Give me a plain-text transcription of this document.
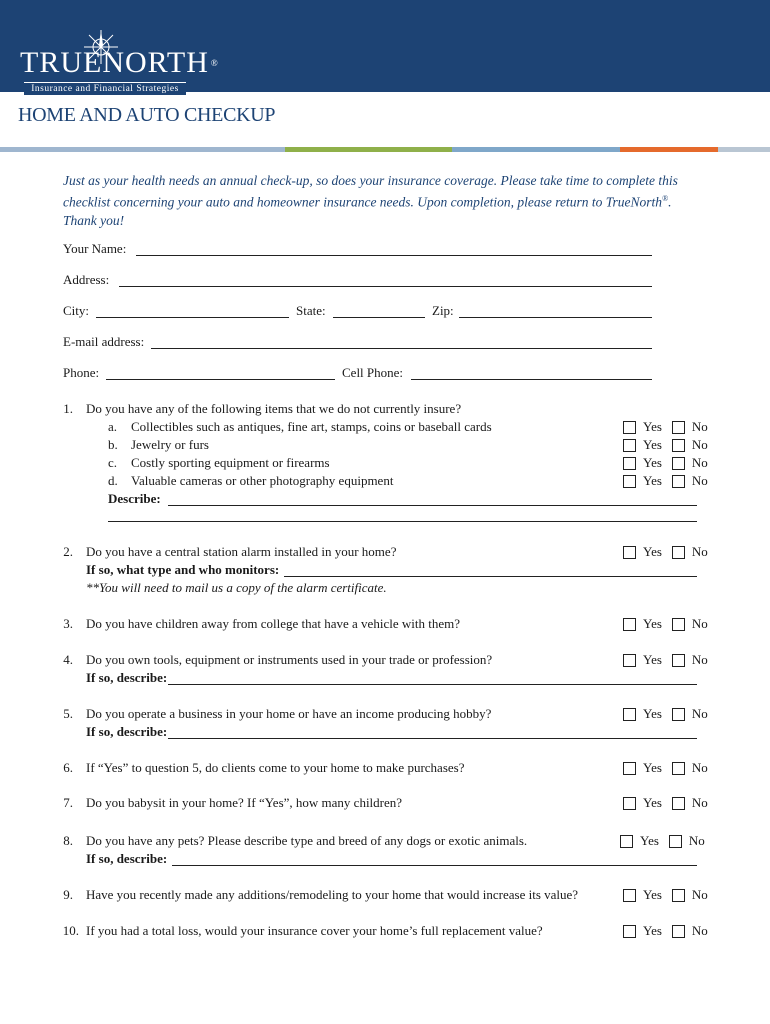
TRUENORTH ®
Insurance and Financial Strategies
HOME AND AUTO CHECKUP
Just as your health needs an annual check-up, so does your insurance coverage. Please take time to complete this
checklist concerning your auto and homeowner insurance needs. Upon completion, please return to TrueNorth®.
Thank you!
Your Name:
Address:
City:	State:	Zip:
E-mail address:
Phone:	Cell Phone:
1. Do you have any of the following items that we do not currently insure?
a. Collectibles such as antiques, fine art, stamps, coins or baseball cards	Yes No
b. Jewelry or furs	Yes No
c. Costly sporting equipment or firearms	Yes No
d. Valuable cameras or other photography equipment	Yes No
Describe:
2. Do you have a central station alarm installed in your home?	Yes No
If so, what type and who monitors:
**You will need to mail us a copy of the alarm certificate.
3. Do you have children away from college that have a vehicle with them?	Yes No
4. Do you own tools, equipment or instruments used in your trade or profession?	Yes No
If so, describe:
5. Do you operate a business in your home or have an income producing hobby?	Yes No
If so, describe:
6. If “Yes” to question 5, do clients come to your home to make purchases?	Yes No
7. Do you babysit in your home? If “Yes”, how many children?	Yes No
8. Do you have any pets? Please describe type and breed of any dogs or exotic animals.	Yes No
If so, describe:
9. Have you recently made any additions/remodeling to your home that would increase its value?	Yes No
10. If you had a total loss, would your insurance cover your home’s full replacement value?	Yes No
